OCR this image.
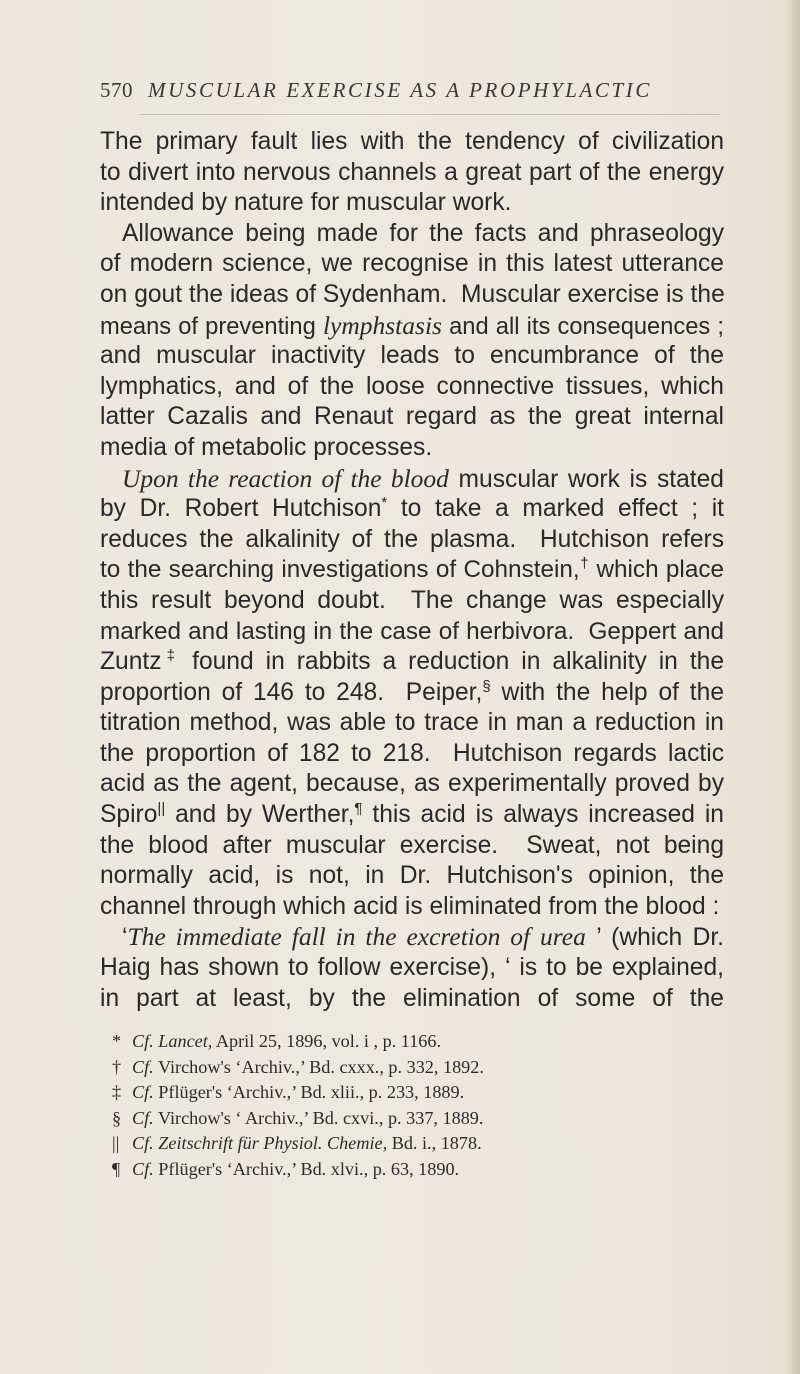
570 MUSCULAR EXERCISE AS A PROPHYLACTIC
The primary fault lies with the tendency of civilization
to divert into nervous channels a great part of the energy
intended by nature for muscular work.
Allowance being made for the facts and phraseology
of modern science, we recognise in this latest utterance
on gout the ideas of Sydenham.  Muscular exercise is the
means of preventing lymphstasis and all its consequences ;
and muscular inactivity leads to encumbrance of the
lymphatics, and of the loose connective tissues, which
latter Cazalis and Renaut regard as the great internal
media of metabolic processes.
Upon the reaction of the blood muscular work is stated
by Dr. Robert Hutchison* to take a marked effect ; it
reduces the alkalinity of the plasma.  Hutchison refers
to the searching investigations of Cohnstein,† which place
this result beyond doubt.  The change was especially
marked and lasting in the case of herbivora.  Geppert and
Zuntz‡ found in rabbits a reduction in alkalinity in the
proportion of 146 to 248.  Peiper,§ with the help of the
titration method, was able to trace in man a reduction in
the proportion of 182 to 218.  Hutchison regards lactic
acid as the agent, because, as experimentally proved by
Spiro|| and by Werther,¶ this acid is always increased in
the blood after muscular exercise.  Sweat, not being
normally acid, is not, in Dr. Hutchison's opinion, the
channel through which acid is eliminated from the blood :
‘The immediate fall in the excretion of urea ’ (which Dr.
Haig has shown to follow exercise), ‘ is to be explained,
in part at least, by the elimination of some of the
* Cf. Lancet, April 25, 1896, vol. i , p. 1166.
† Cf. Virchow's ‘Archiv.,’ Bd. cxxx., p. 332, 1892.
‡ Cf. Pflüger's ‘Archiv.,’ Bd. xlii., p. 233, 1889.
§ Cf. Virchow's ‘ Archiv.,’ Bd. cxvi., p. 337, 1889.
|| Cf. Zeitschrift für Physiol. Chemie, Bd. i., 1878.
¶ Cf. Pflüger's ‘Archiv.,’ Bd. xlvi., p. 63, 1890.
